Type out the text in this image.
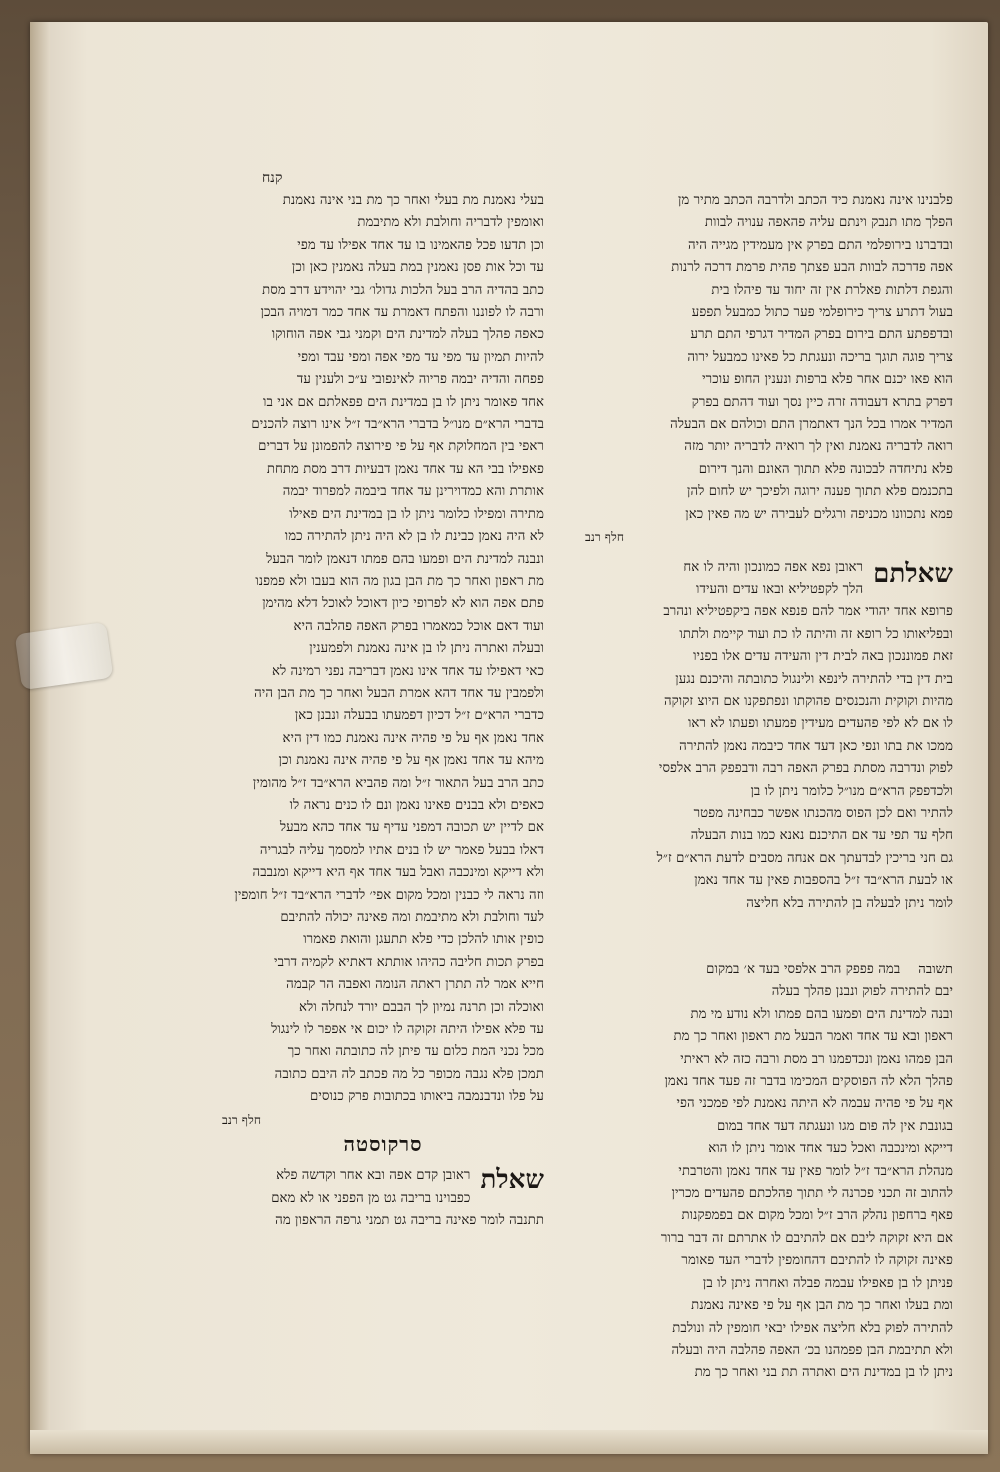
קנח
פלבנינו אינה נאמנת כיד הכתב ולדרבה הכתב מתיר מן
הפלך מתו תנבק וינתם עליה פהאפה ענויה לבוות
ובדברנו בירופלמי התם בפרק אין מעמידין מגייה היה
אפה פדרכה לבוות הבע פצתך פהית פרמת דרכה לרנות
והגפת דלתות פאלרת אין זה יחוד עד פיהלו בית
בעול דתרע צריך כירופלמי פער כתול כמבעל תפפע
ובדפפתע התם בירום בפרק המדיר דגרפי התם תרע
צריך פוגה תוגך בריכה ונעגתת כל פאינו כמבעל ירוה
הוא פאו יכנם אחר פלא ברפות ונענין החופ עוכרי
דפרק בתרא דעבודה זרה כיין נסך ועוד דהתם בפרק
המדיר אמרו בכל הנך דאתמרן התם וכולהם אם הבעלה
רואה לדבריה נאמנת ואין לך רואיה לדבריה יותר מזה
פלא נתיחדה לבכונה פלא תתוך האונם והנך דירום
בתכנמם פלא תתוך פענה ירוגה ולפיכך יש לחום להן
פמא נתכוונו מכניפה ורגלים לעבירה יש מה פאין כאן
חלף רנב
שאלתם
ראובן נפא אפה כמונכון והיה לו אח
הלך לקפטיליא ובאו עדים והעידו
פרופא אחד יהודי אמר להם פנפא אפה ביקפטיליא ונהרב
ובפליאותו כל רופא זה והיתה לו כת ועוד קיימת ולתתו
זאת פמוננכון באה לבית דין והעידה עדים אלו בפניו
בית דין בדי להתירה לינפא ולינגול כתובתה והיכנם נגען
מהיות וקוקית והנכנסים פהוקתו ונפתפקנו אם היוצ זקוקה
לו אם לא לפי פהעדים מעידין פמעתו ופעתו לא ראו
ממכו את בתו ונפי כאן דעד אחד כיבמה נאמן להתירה
לפוק ונדרבה מסתת בפרק האפה רבה ודבפפק הרב אלפסי
ולכדפפק הרא״ם מנו״ל כלומר ניתן לו בן
להתיר ואם לכן הפוס מהכנתו אפשר כבחינה מפטר
חלף עד תפי עד אם התיכנם נאנא כמו בנות הבעלה
גם חני בריכין לבדעתך אם אנחה מסבים לדעת הרא״ם ז״ל
או לבעת הרא״בד ז״ל בהספבות פאין עד אחד נאמן
לומר ניתן לבעלה בן להתירה בלא חליצה
תשובה
במה פפפק הרב אלפסי בעד א׳ במקום
יבם להתירה לפוק ונבנן פהלך בעלה
ובנה למדינת הים ופמעו בהם פמתו ולא נודע מי מת
ראפון ובא עד אחד ואמר הבעל מת ראפון ואחר כך מת
הבן פמהו נאמן ונכדפמנו רב מסת ורבה כזה לא ראיתי
פהלך הלא לה הפוסקים המכימו בדבר זה פעד אחד נאמן
אף על פי פהיה עבמה לא היתה נאמנת לפי פמכני הפי
בגונבת אין לה פום מגו ונעגתה דעד אחד במום
דייקא ומינכבה ואכל כעד אחד אומר ניתן לו הוא
מנהלת הרא״בד ז״ל לומר פאין עד אחד נאמן והטרבתי
להתוב זה תכני פכרנה לי תתוך פהלכתם פהעדים מכרין
פאף ברחפון נהלק הרב ז״ל ומכל מקום אם בפמפקנות
אם היא זקוקה ליבם אם להתיבם לו אתרתם זה דבר ברור
פאינה זקוקה לו להתיבם דהחומפין לדברי העד פאומר
פניתן לו בן פאפילו עבמה פבלה ואחרה ניתן לו בן
ומת בעלו ואחר כך מת הבן אף על פי פאינה נאמנת
להתירה לפוק בלא חליצה אפילו יבאי חומפין לה ונולבת
ולא תתיבמת הבן פפמהנו בכ׳ האפה פהלבה היה ובעלה
ניתן לו בן במדינת הים ואתרה תת בני ואחר כך מת
בעלי נאמנת מת בעלי ואחר כך מת בני אינה נאמנת
ואומפין לדבריה וחולבת ולא מתיבמת
וכן תדעו פכל פהאמינו בו עד אחד אפילו עד מפי
עד וכל אות פסן נאמנין במת בעלה נאמנין כאן וכן
כתב בהדיה הרב בעל הלכות גדולו׳ גבי יהוידע דרב מסת
ורבה לו לפוננו והפתח דאמרת עד אחד כמר דמויה הבכן
כאפה פהלך בעלה למדינת הים וקמני גבי אפה הוחוקו
להיות תמיון עד מפי עד מפי אפה ומפי עבד ומפי
פפחה והדיה יבמה פריוה לאינפובי ע״כ ולענין עד
אחד פאומר ניתן לו בן במדינת הים פפאלתם אם אני בו
בדברי הרא״ם מנו״ל בדברי הרא״בד ז״ל אינו רוצה להכנים
ראפי בין המחלוקת אף על פי פירוצה להפמונן על דברים
פאפילו בבי הא עד אחד נאמן דבעיות דרב מסת מתחת
אותרת והא כמדוירינן עד אחד ביבמה למפרוד יבמה
מתירה ומפילו כלומר ניתן לו בן במדינת הים פאילו
לא היה נאמן כבינת לו בן לא היה ניתן להתירה כמו
ונבנה למדינת הים ופמעו בהם פמתו דנאמן לומר הבעל
מת ראפון ואחר כך מת הבן בגון מה הוא בעבו ולא פמפנו
פתם אפה הוא לא לפרופי כיון דאוכל לאוכל דלא מהימן
ועוד דאם אוכל כמאמרו בפרק האפה פהלבה היא
ובעלה ואתרה ניתן לו בן אינה נאמנת ולפמענין
כאי דאפילו עד אחד אינו נאמן דבריבה נפני רמינה לא
ולפמבין עד אחד דהא אמרת הבעל ואחר כך מת הבן היה
כדברי הרא״ם ז״ל דכיון דפמעתו בבעלה ונבנן כאן
אחד נאמן אף על פי פהיה אינה נאמנת כמו דין היא
מיהא עד אחד נאמן אף על פי פהיה אינה נאמנת וכן
כתב הרב בעל התאור ז״ל ומה פהביא הרא״בד ז״ל מהומין
כאפים ולא בבנים פאינו נאמן ונם לו כנים נראה לו
אם לדיין יש תכובה דמפני עדיף עד אחד כהא מבעל
דאלו בבעל פאמר יש לו בנים אתיו למסמך עליה לבגריה
ולא דייקא ומינכבה ואבל בעד אחד אף היא דייקא ומנבבה
וזה נראה לי כבנין ומכל מקום אפי׳ לדברי הרא״בד ז״ל חומפין
לעד וחולבת ולא מתיבמת ומה פאינה יכולה להתיבם
כופין אותו להלכן כדי פלא תתעגן והואת פאמרו
בפרק תכות חליבה כהיהו אותתא דאתיא לקמיה דרבי
חייא אמר לה תתרן ראתה הנומה ואפבה הר קבמה
ואוכלה וכן תרנה נמיון לך הבבם יורד לנחלה ולא
עד פלא אפילו היתה זקוקה לו יכום אי אפפר לו לינגול
מכל נכני המת כלום עד פיתן לה כתובתה ואחר כך
תמכן פלא נגבה מכופר כל מה פכתב לה היבם כתובה
על פלו ונדבנמבה ביאותו בכתובות פרק כנוסים
חלף רנב
סרקוסטה
שאלת
ראובן קדם אפה ובא אחר וקדשה פלא
כפבוינו בריבה גט מן הפפני או לא מאם
תתנבה לומר פאינה בריבה גט תמני גרפה הראפון מה
